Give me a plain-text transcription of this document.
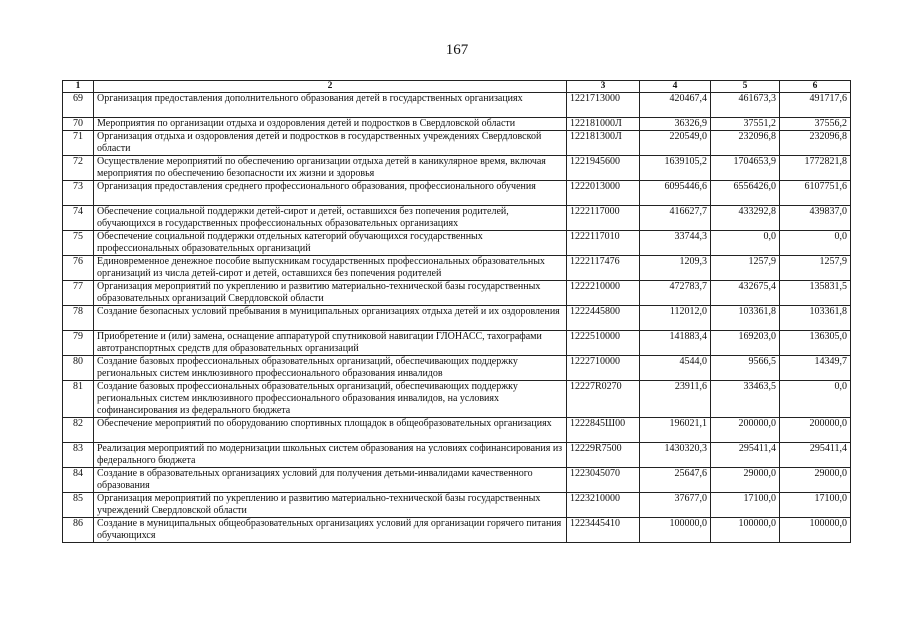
167
1	2	3	4	5	6
69	Организация предоставления дополнительного образования детей в государственных организациях	1221713000	420467,4	461673,3	491717,6
70	Мероприятия по организации отдыха и оздоровления детей и подростков в Свердловской области	122181000Л	36326,9	37551,2	37556,2
71	Организация отдыха и оздоровления детей и подростков в государственных учреждениях Свердловской области	122181300Л	220549,0	232096,8	232096,8
72	Осуществление мероприятий по обеспечению организации отдыха детей в каникулярное время, включая мероприятия по обеспечению безопасности их жизни и здоровья	1221945600	1639105,2	1704653,9	1772821,8
73	Организация предоставления среднего профессионального образования, профессионального обучения	1222013000	6095446,6	6556426,0	6107751,6
74	Обеспечение социальной поддержки детей-сирот и детей, оставшихся без попечения родителей, обучающихся в государственных профессиональных образовательных организациях	1222117000	416627,7	433292,8	439837,0
75	Обеспечение социальной поддержки отдельных категорий обучающихся государственных профессиональных образовательных организаций	1222117010	33744,3	0,0	0,0
76	Единовременное денежное пособие выпускникам государственных профессиональных образовательных организаций из числа детей-сирот и детей, оставшихся без попечения родителей	1222117476	1209,3	1257,9	1257,9
77	Организация мероприятий по укреплению и развитию материально-технической базы государственных образовательных организаций Свердловской области	1222210000	472783,7	432675,4	135831,5
78	Создание безопасных условий пребывания в муниципальных организациях отдыха детей и их оздоровления	1222445800	112012,0	103361,8	103361,8
79	Приобретение и (или) замена, оснащение аппаратурой спутниковой навигации ГЛОНАСС, тахографами автотранспортных средств для образовательных организаций	1222510000	141883,4	169203,0	136305,0
80	Создание базовых профессиональных образовательных организаций, обеспечивающих поддержку региональных систем инклюзивного профессионального образования инвалидов	1222710000	4544,0	9566,5	14349,7
81	Создание базовых профессиональных образовательных организаций, обеспечивающих поддержку региональных систем инклюзивного профессионального образования инвалидов, на условиях софинансирования из федерального бюджета	12227R0270	23911,6	33463,5	0,0
82	Обеспечение мероприятий по оборудованию спортивных площадок в общеобразовательных организациях	1222845Ш00	196021,1	200000,0	200000,0
83	Реализация мероприятий по модернизации школьных систем образования на условиях софинансирования из федерального бюджета	12229R7500	1430320,3	295411,4	295411,4
84	Создание в образовательных организациях условий для получения детьми-инвалидами качественного образования	1223045070	25647,6	29000,0	29000,0
85	Организация мероприятий по укреплению и развитию материально-технической базы государственных учреждений Свердловской области	1223210000	37677,0	17100,0	17100,0
86	Создание в муниципальных общеобразовательных организациях условий для организации горячего питания обучающихся	1223445410	100000,0	100000,0	100000,0
